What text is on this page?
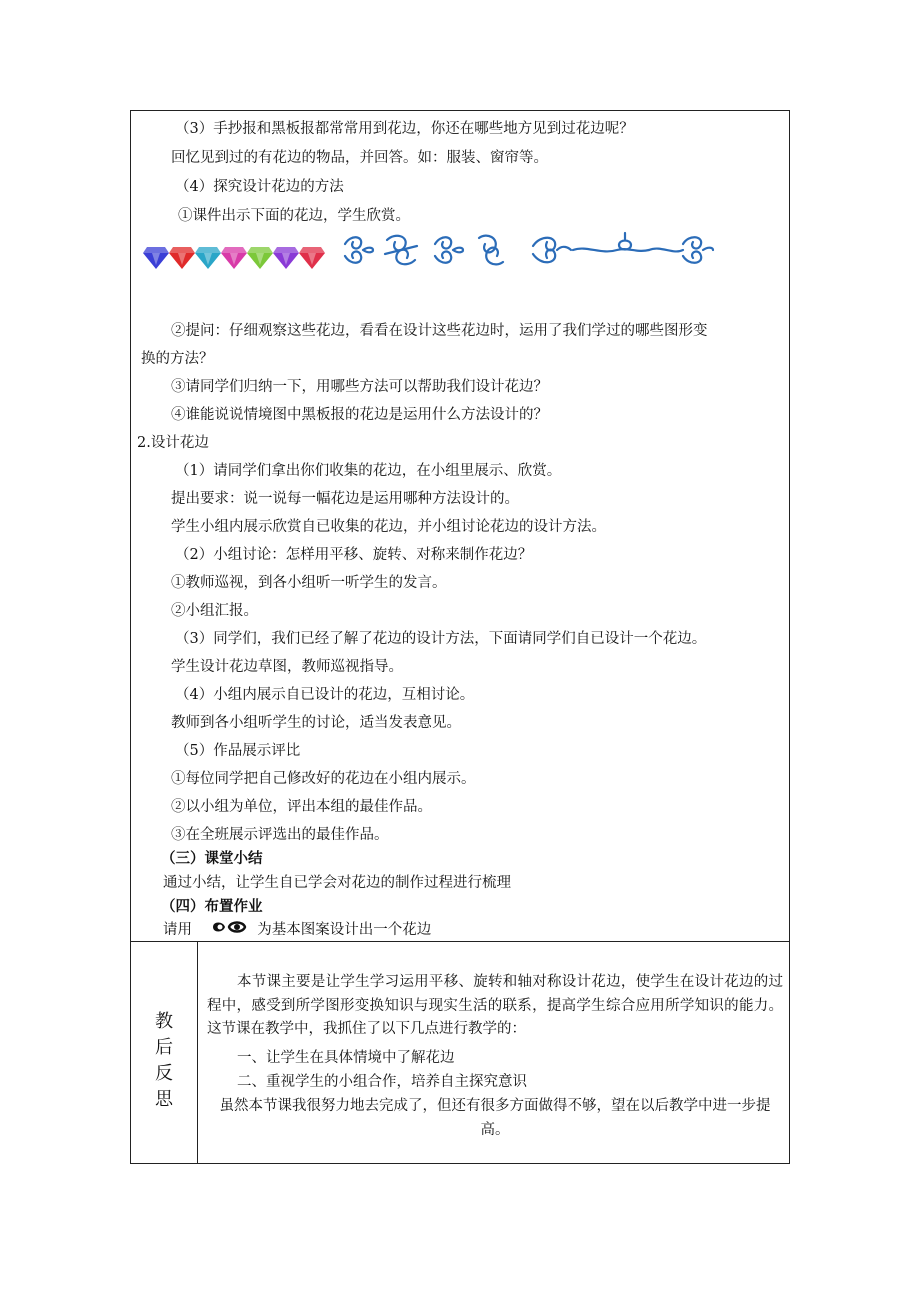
（3）手抄报和黑板报都常常用到花边，你还在哪些地方见到过花边呢？
回忆见到过的有花边的物品，并回答。如：服装、窗帘等。
（4）探究设计花边的方法
①课件出示下面的花边，学生欣赏。
②提问：仔细观察这些花边，看看在设计这些花边时，运用了我们学过的哪些图形变
换的方法？
③请同学们归纳一下，用哪些方法可以帮助我们设计花边？
④谁能说说情境图中黑板报的花边是运用什么方法设计的？
2.设计花边
（1）请同学们拿出你们收集的花边，在小组里展示、欣赏。
提出要求：说一说每一幅花边是运用哪种方法设计的。
学生小组内展示欣赏自已收集的花边，并小组讨论花边的设计方法。
（2）小组讨论：怎样用平移、旋转、对称来制作花边？
①教师巡视，到各小组听一听学生的发言。
②小组汇报。
（3）同学们，我们已经了解了花边的设计方法，下面请同学们自已设计一个花边。
学生设计花边草图，教师巡视指导。
（4）小组内展示自已设计的花边，互相讨论。
教师到各小组听学生的讨论，适当发表意见。
（5）作品展示评比
①每位同学把自己修改好的花边在小组内展示。
②以小组为单位，评出本组的最佳作品。
③在全班展示评选出的最佳作品。
（三）课堂小结
通过小结，让学生自已学会对花边的制作过程进行梳理
（四）布置作业
请用	为基本图案设计出一个花边
教
后
反
思
本节课主要是让学生学习运用平移、旋转和轴对称设计花边，使学生在设计花边的过程中，感受到所学图形变换知识与现实生活的联系，提高学生综合应用所学知识的能力。这节课在教学中，我抓住了以下几点进行教学的：
一、让学生在具体情境中了解花边
二、重视学生的小组合作，培养自主探究意识
虽然本节课我很努力地去完成了，但还有很多方面做得不够，望在以后教学中进一步提高。
